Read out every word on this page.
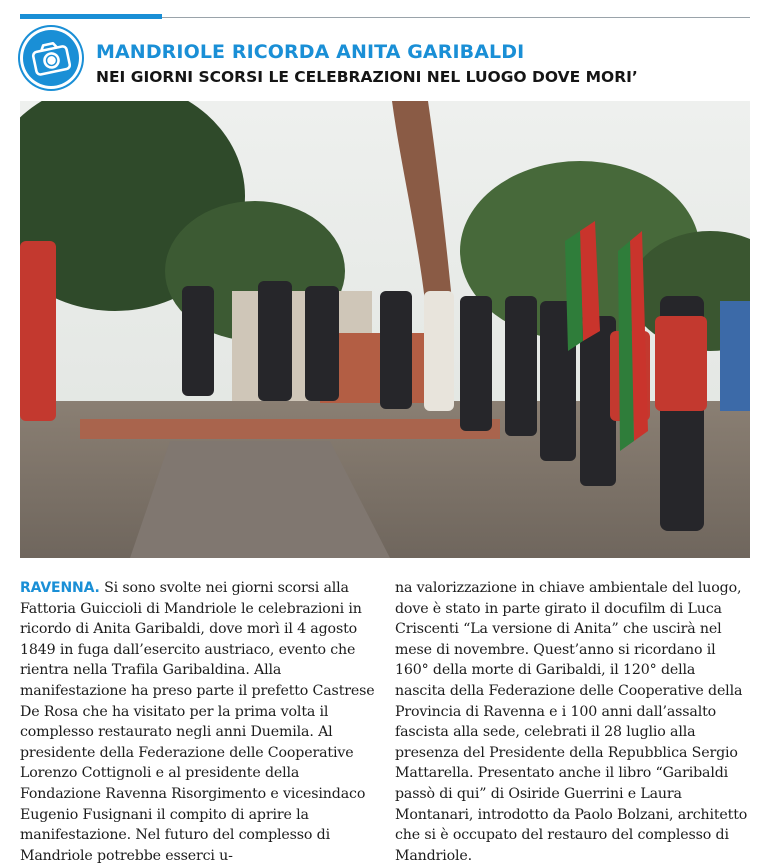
MANDRIOLE RICORDA ANITA GARIBALDI
NEI GIORNI SCORSI LE CELEBRAZIONI NEL LUOGO DOVE MORI’

RAVENNA. Si sono svolte nei giorni scorsi alla Fattoria Guiccioli di Mandriole le celebrazioni in ricordo di Anita Garibaldi, dove morì il 4 agosto 1849 in fuga dall’esercito austriaco, evento che rientra nella Trafila Garibaldina. Alla manifestazione ha preso parte il prefetto Castrese De Rosa che ha visitato per la prima volta il complesso restaurato negli anni Duemila. Al presidente della Federazione delle Cooperative Lorenzo Cottignoli e al presidente della Fondazione Ravenna Risorgimento e vicesindaco Eugenio Fusignani il compito di aprire la manifestazione. Nel futuro del complesso di Mandriole potrebbe esserci u-

na valorizzazione in chiave ambientale del luogo, dove è stato in parte girato il docufilm di Luca Criscenti “La versione di Anita” che uscirà nel mese di novembre. Quest’anno si ricordano il 160° della morte di Garibaldi, il 120° della nascita della Federazione delle Cooperative della Provincia di Ravenna e i 100 anni dall’assalto fascista alla sede, celebrati il 28 luglio alla presenza del Presidente della Repubblica Sergio Mattarella. Presentato anche il libro “Garibaldi passò di qui” di Osiride Guerrini e Laura Montanari, introdotto da Paolo Bolzani, architetto che si è occupato del restauro del complesso di Mandriole.
